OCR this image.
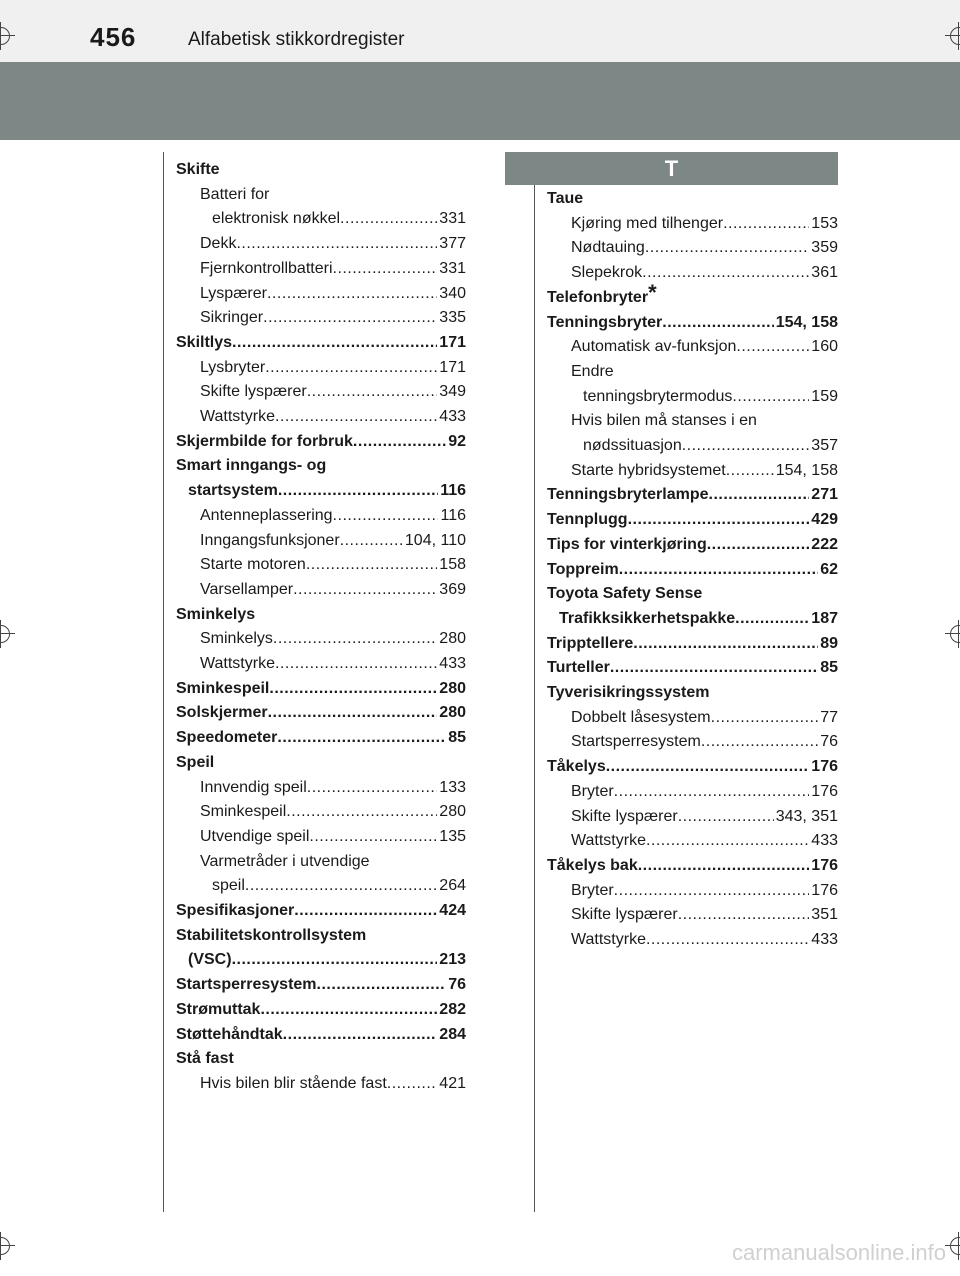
456	Alfabetisk stikkordregister
T
Skifte
Batteri for
elektronisk nøkkel .....	331
Dekk .....	377
Fjernkontrollbatteri .....	331
Lyspærer .....	340
Sikringer .....	335
Skiltlys .....	171
Lysbryter .....	171
Skifte lyspærer .....	349
Wattstyrke .....	433
Skjermbilde for forbruk .....	92
Smart inngangs- og
startsystem .....	116
Antenneplassering .....	116
Inngangsfunksjoner .....	104, 110
Starte motoren .....	158
Varsellamper .....	369
Sminkelys
Sminkelys .....	280
Wattstyrke .....	433
Sminkespeil .....	280
Solskjermer .....	280
Speedometer .....	85
Speil
Innvendig speil .....	133
Sminkespeil .....	280
Utvendige speil .....	135
Varmetråder i utvendige
speil .....	264
Spesifikasjoner .....	424
Stabilitetskontrollsystem
(VSC) .....	213
Startsperresystem .....	76
Strømuttak .....	282
Støttehåndtak .....	284
Stå fast
Hvis bilen blir stående fast .....	421
Taue
Kjøring med tilhenger .....	153
Nødtauing .....	359
Slepekrok .....	361
Telefonbryter *
Tenningsbryter .....	154, 158
Automatisk av-funksjon .....	160
Endre
tenningsbrytermodus .....	159
Hvis bilen må stanses i en
nødssituasjon .....	357
Starte hybridsystemet .....	154, 158
Tenningsbryterlampe .....	271
Tennplugg .....	429
Tips for vinterkjøring .....	222
Toppreim .....	62
Toyota Safety Sense
Trafikksikkerhetspakke .....	187
Tripptellere .....	89
Turteller .....	85
Tyverisikringssystem
Dobbelt låsesystem .....	77
Startsperresystem .....	76
Tåkelys .....	176
Bryter .....	176
Skifte lyspærer .....	343, 351
Wattstyrke .....	433
Tåkelys bak .....	176
Bryter .....	176
Skifte lyspærer .....	351
Wattstyrke .....	433
carmanualsonline.info
